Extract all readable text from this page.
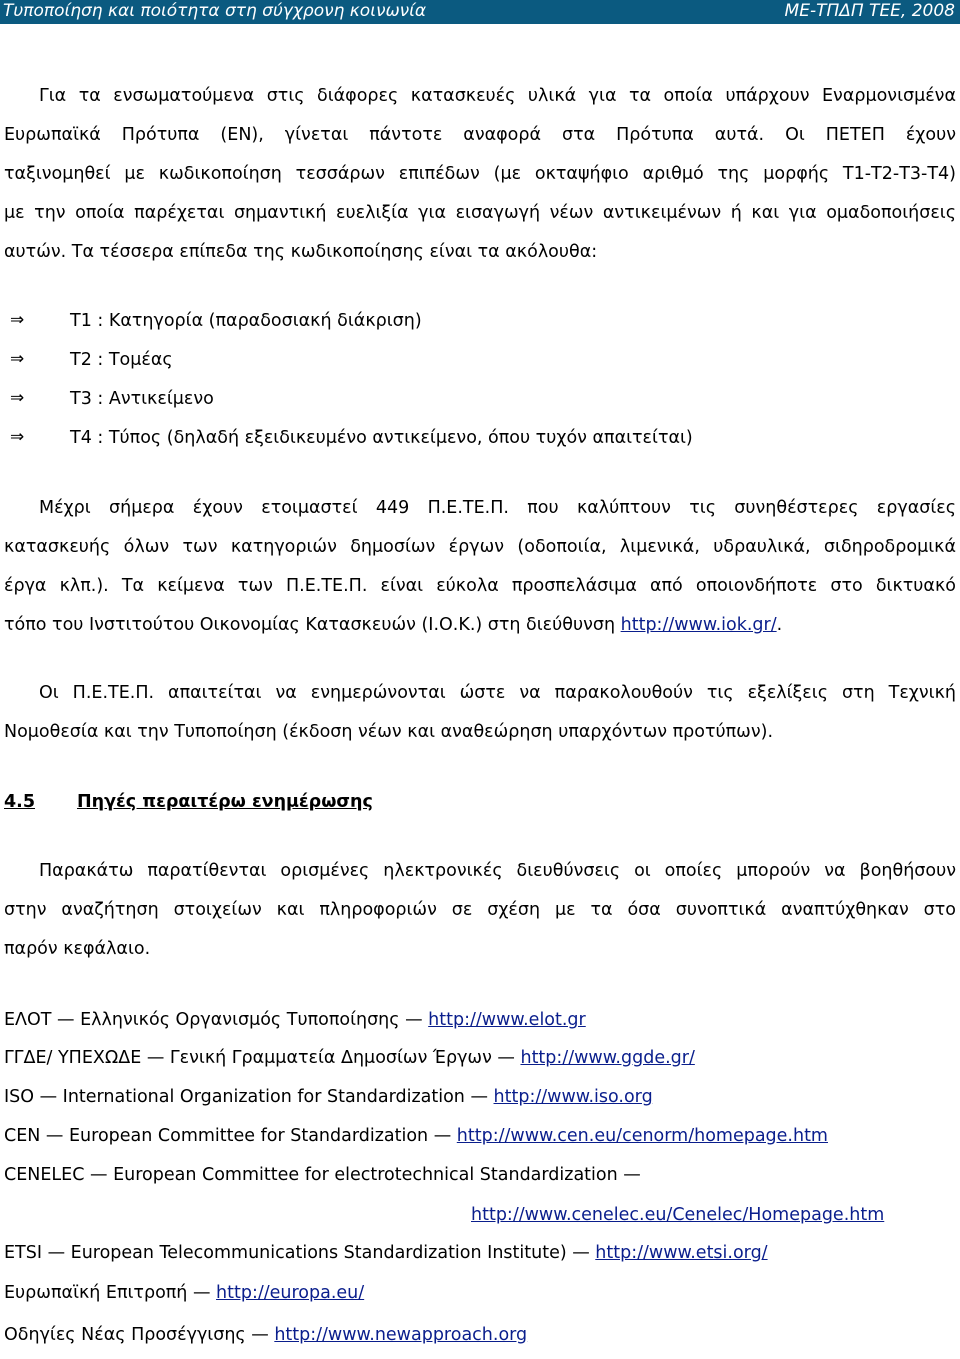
Τυποποίηση και ποιότητα στη σύγχρονη κοινωνία	ΜΕ-ΤΠΔΠ ΤΕΕ, 2008
Για τα ενσωματούμενα στις διάφορες κατασκευές υλικά για τα οποία υπάρχουν Εναρμονισμένα
Ευρωπαϊκά Πρότυπα (ΕΝ), γίνεται πάντοτε αναφορά στα Πρότυπα αυτά. Οι ΠΕΤΕΠ έχουν
ταξινομηθεί με κωδικοποίηση τεσσάρων επιπέδων (με οκταψήφιο αριθμό της μορφής Τ1-Τ2-Τ3-Τ4)
με την οποία παρέχεται σημαντική ευελιξία για εισαγωγή νέων αντικειμένων ή και για ομαδοποιήσεις
αυτών. Τα τέσσερα επίπεδα της κωδικοποίησης είναι τα ακόλουθα:
⇒	Τ1 : Κατηγορία (παραδοσιακή διάκριση)
⇒	Τ2 : Τομέας
⇒	Τ3 : Αντικείμενο
⇒	Τ4 : Τύπος (δηλαδή εξειδικευμένο αντικείμενο, όπου τυχόν απαιτείται)
Μέχρι σήμερα έχουν ετοιμαστεί 449 Π.Ε.ΤΕ.Π. που καλύπτουν τις συνηθέστερες εργασίες
κατασκευής όλων των κατηγοριών δημοσίων έργων (οδοποιία, λιμενικά, υδραυλικά, σιδηροδρομικά
έργα κλπ.). Τα κείμενα των Π.Ε.ΤΕ.Π. είναι εύκολα προσπελάσιμα από οποιονδήποτε στο δικτυακό
τόπο του Ινστιτούτου Οικονομίας Κατασκευών (Ι.Ο.Κ.) στη διεύθυνση http://www.iok.gr/.
Οι Π.Ε.ΤΕ.Π. απαιτείται να ενημερώνονται ώστε να παρακολουθούν τις εξελίξεις στη Τεχνική
Νομοθεσία και την Τυποποίηση (έκδοση νέων και αναθεώρηση υπαρχόντων προτύπων).
4.5 Πηγές περαιτέρω ενημέρωσης
Παρακάτω παρατίθενται ορισμένες ηλεκτρονικές διευθύνσεις οι οποίες μπορούν να βοηθήσουν
στην αναζήτηση στοιχείων και πληροφοριών σε σχέση με τα όσα συνοπτικά αναπτύχθηκαν στο
παρόν κεφάλαιο.
ΕΛΟΤ — Ελληνικός Οργανισμός Τυποποίησης — http://www.elot.gr
ΓΓΔΕ/ ΥΠΕΧΩΔΕ — Γενική Γραμματεία Δημοσίων Έργων — http://www.ggde.gr/
ISO — International Organization for Standardization — http://www.iso.org
CEN — European Committee for Standardization — http://www.cen.eu/cenorm/homepage.htm
CENELEC — European Committee for electrotechnical Standardization —
http://www.cenelec.eu/Cenelec/Homepage.htm
ETSI — European Telecommunications Standardization Institute) — http://www.etsi.org/
Ευρωπαϊκή Επιτροπή — http://europa.eu/
Οδηγίες Νέας Προσέγγισης — http://www.newapproach.org
